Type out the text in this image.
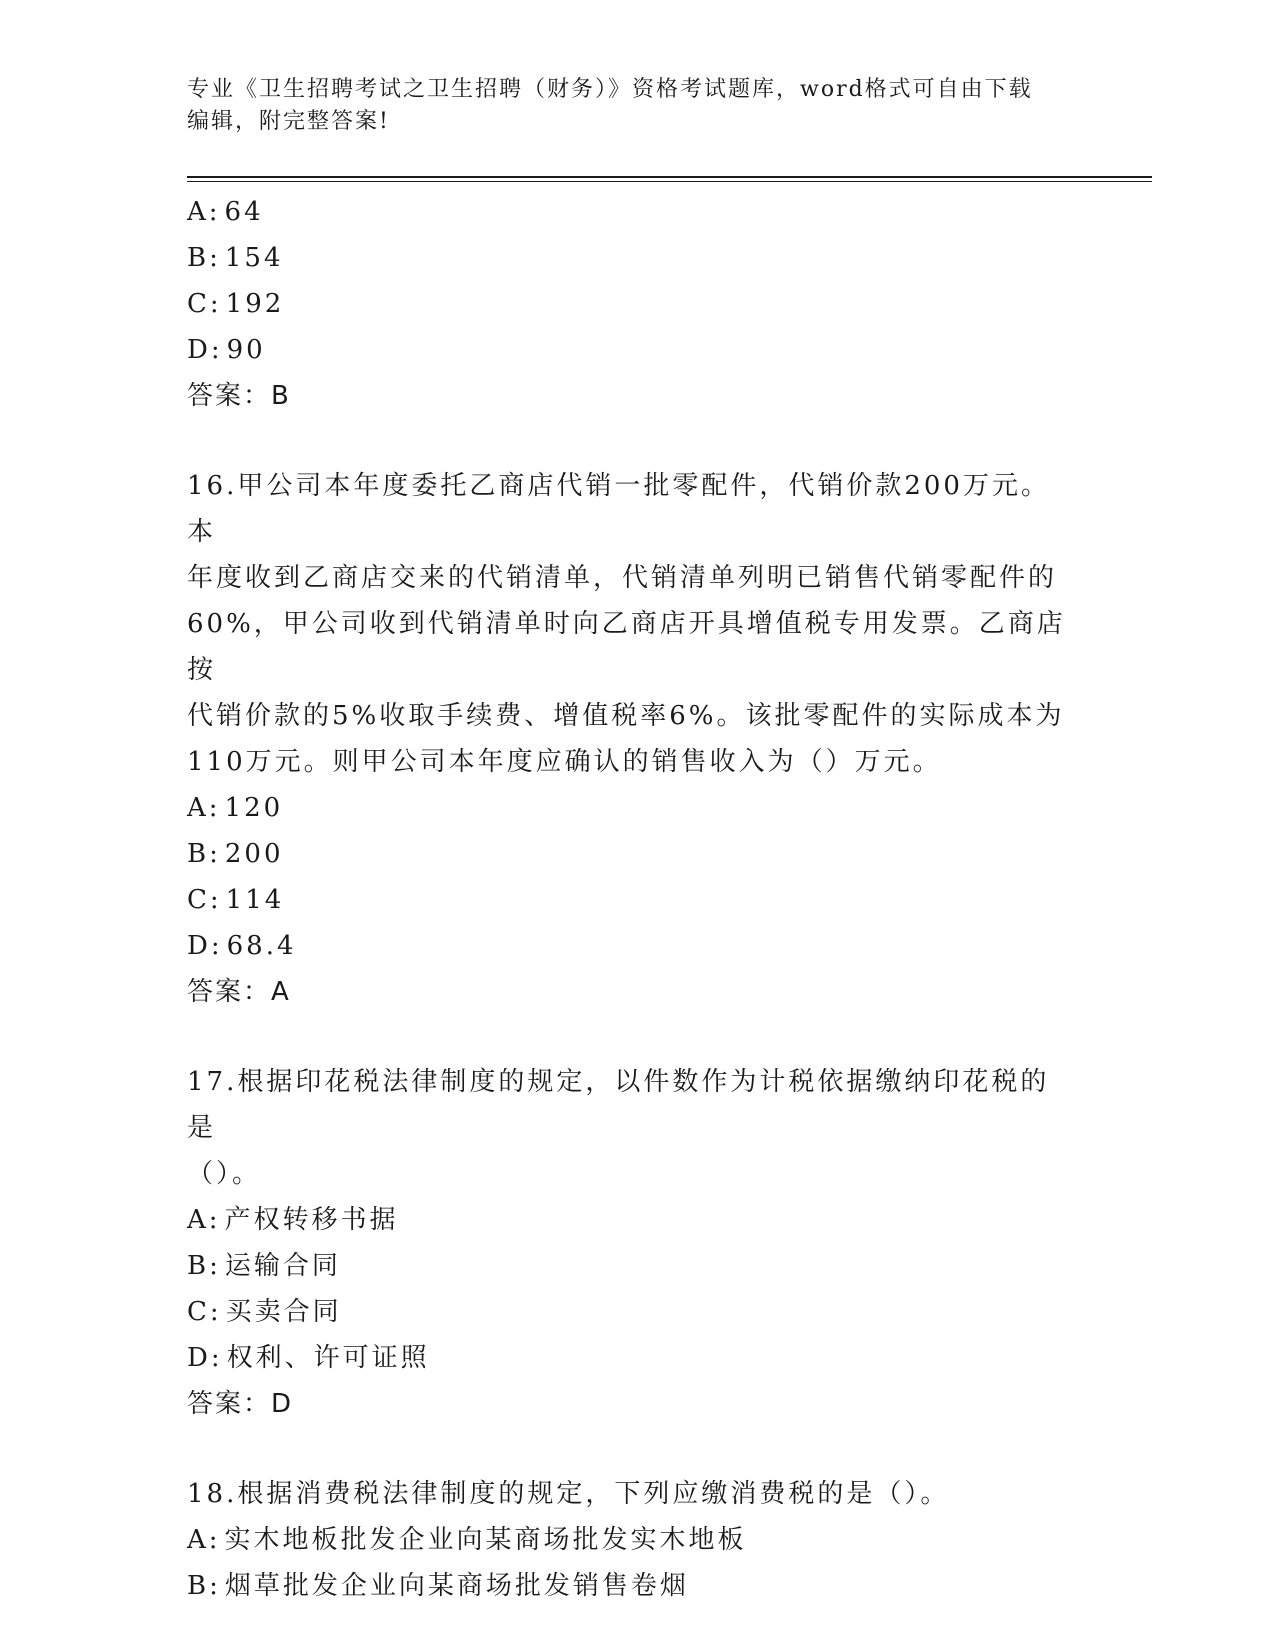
专业《卫生招聘考试之卫生招聘（财务）》资格考试题库，word格式可自由下载
编辑，附完整答案!
A: 64
B: 154
C: 192
D: 90
答案：B
16.甲公司本年度委托乙商店代销一批零配件，代销价款200万元。本
年度收到乙商店交来的代销清单，代销清单列明已销售代销零配件的
60%，甲公司收到代销清单时向乙商店开具增值税专用发票。乙商店按
代销价款的5%收取手续费、增值税率6%。该批零配件的实际成本为
110万元。则甲公司本年度应确认的销售收入为（）万元。
A: 120
B: 200
C: 114
D: 68.4
答案：A
17.根据印花税法律制度的规定，以件数作为计税依据缴纳印花税的是
（）。
A: 产权转移书据
B: 运输合同
C: 买卖合同
D: 权利、许可证照
答案：D
18.根据消费税法律制度的规定，下列应缴消费税的是（）。
A: 实木地板批发企业向某商场批发实木地板
B: 烟草批发企业向某商场批发销售卷烟
